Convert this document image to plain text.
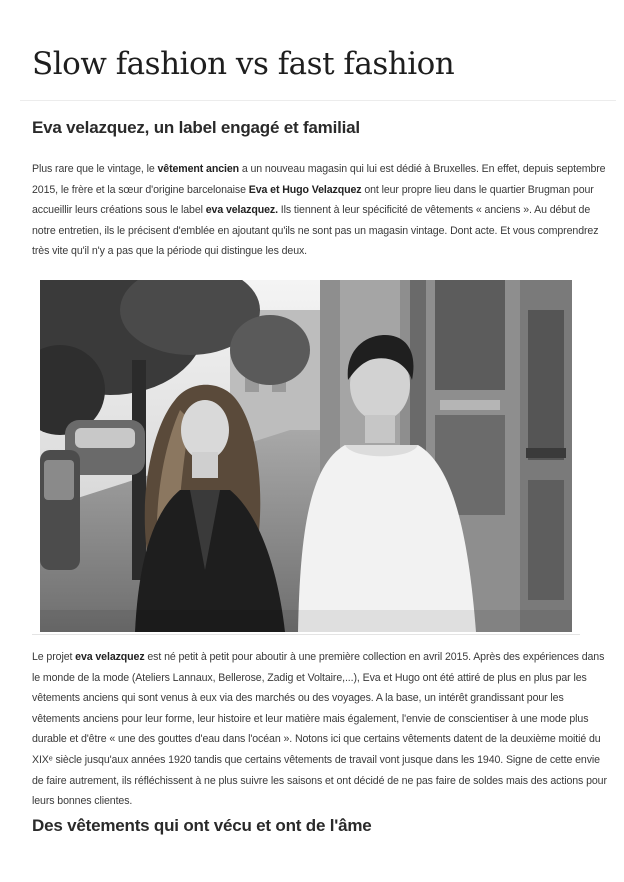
Slow fashion vs fast fashion
Eva velazquez, un label engagé et familial

Plus rare que le vintage, le vêtement ancien a un nouveau magasin qui lui est dédié à Bruxelles. En effet, depuis septembre 2015, le frère et la sœur d'origine barcelonaise Eva et Hugo Velazquez ont leur propre lieu dans le quartier Brugman pour accueillir leurs créations sous le label eva velazquez. Ils tiennent à leur spécificité de vêtements « anciens ». Au début de notre entretien, ils le précisent d'emblée en ajoutant qu'ils ne sont pas un magasin vintage. Dont acte. Et vous comprendrez très vite qu'il n'y a pas que la période qui distingue les deux.

Le projet eva velazquez est né petit à petit pour aboutir à une première collection en avril 2015. Après des expériences dans le monde de la mode (Ateliers Lannaux, Bellerose, Zadig et Voltaire,...), Eva et Hugo ont été attiré de plus en plus par les vêtements anciens qui sont venus à eux via des marchés ou des voyages. A la base, un intérêt grandissant pour les vêtements anciens pour leur forme, leur histoire et leur matière mais également, l'envie de conscientiser à une mode plus durable et d'être « une des gouttes d'eau dans l'océan ». Notons ici que certains vêtements datent de la deuxième moitié du XIXᵉ siècle jusqu'aux années 1920 tandis que certains vêtements de travail vont jusque dans les 1940. Signe de cette envie de faire autrement, ils réfléchissent à ne plus suivre les saisons et ont décidé de ne pas faire de soldes mais des actions pour leurs bonnes clientes.

Des vêtements qui ont vécu et ont de l'âme
